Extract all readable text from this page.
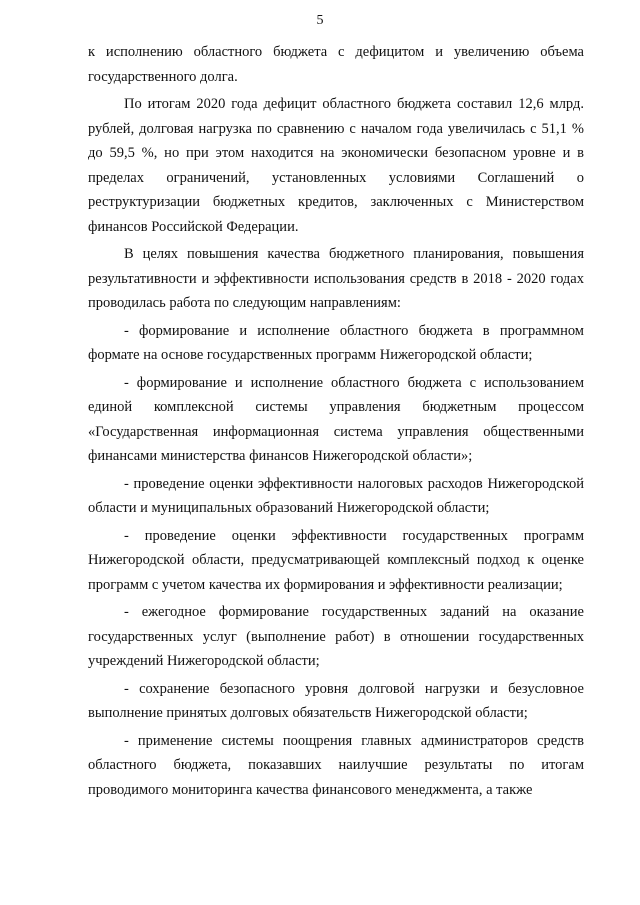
5

к исполнению областного бюджета с дефицитом и увеличению объема государственного долга.

По итогам 2020 года дефицит областного бюджета составил 12,6 млрд. рублей, долговая нагрузка по сравнению с началом года увеличилась с 51,1 % до 59,5 %, но при этом находится на экономически безопасном уровне и в пределах ограничений, установленных условиями Соглашений о реструктуризации бюджетных кредитов, заключенных с Министерством финансов Российской Федерации.

В целях повышения качества бюджетного планирования, повышения результативности и эффективности использования средств в 2018 - 2020 годах проводилась работа по следующим направлениям:

- формирование и исполнение областного бюджета в программном формате на основе государственных программ Нижегородской области;

- формирование и исполнение областного бюджета с использованием единой комплексной системы управления бюджетным процессом «Государственная информационная система управления общественными финансами министерства финансов Нижегородской области»;

- проведение оценки эффективности налоговых расходов Нижегородской области и муниципальных образований Нижегородской области;

- проведение оценки эффективности государственных программ Нижегородской области, предусматривающей комплексный подход к оценке программ с учетом качества их формирования и эффективности реализации;

- ежегодное формирование государственных заданий на оказание государственных услуг (выполнение работ) в отношении государственных учреждений Нижегородской области;

- сохранение безопасного уровня долговой нагрузки и безусловное выполнение принятых долговых обязательств Нижегородской области;

- применение системы поощрения главных администраторов средств областного бюджета, показавших наилучшие результаты по итогам проводимого мониторинга качества финансового менеджмента, а также
